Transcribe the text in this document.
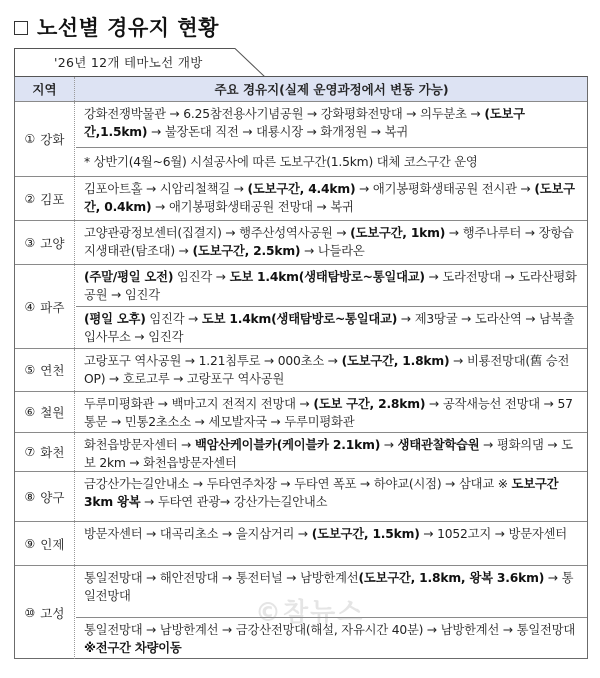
노선별 경유지 현황
'26년 12개 테마노선 개방
지역	주요 경유지(실제 운영과정에서 변동 가능)
① 강화
강화전쟁박물관 → 6.25참전용사기념공원 → 강화평화전망대 → 의두분초 → (도보구간,1.5km) → 불장돈대 직전 → 대룡시장 → 화개정원 → 복귀
* 상반기(4월~6월) 시설공사에 따른 도보구간(1.5km) 대체 코스구간 운영
② 김포
김포아트홀 → 시암리철책길 → (도보구간, 4.4km) → 애기봉평화생태공원 전시관 → (도보구간, 0.4km) → 애기봉평화생태공원 전망대 → 복귀
③ 고양
고양관광정보센터(집결지) → 행주산성역사공원 → (도보구간, 1km) → 행주나루터 → 장항습지생태관(탐조대) → (도보구간, 2.5km) → 나들라온
④ 파주
(주말/평일 오전) 임진각 → 도보 1.4km(생태탐방로~통일대교) → 도라전망대 → 도라산평화공원 → 임진각
(평일 오후) 임진각 → 도보 1.4km(생태탐방로~통일대교) → 제3땅굴 → 도라산역 → 남북출입사무소 → 임진각
⑤ 연천
고랑포구 역사공원 → 1.21침투로 → 000초소 → (도보구간, 1.8km) → 비룡전망대(舊 승전OP) → 호로고루 → 고랑포구 역사공원
⑥ 철원
두루미평화관 → 백마고지 전적지 전망대 → (도보 구간, 2.8km) → 공작새능선 전망대 → 57통문 → 민통2초소소 → 세모발자국 → 두루미평화관
⑦ 화천	화천읍방문자센터 → 백암산케이블카(케이블카 2.1km) → 생태관찰학습원 → 평화의댐 → 도보 2km → 화천읍방문자센터
⑧ 양구
금강산가는길안내소 → 두타연주차장 → 두타연 폭포 → 하야교(시점) → 삼대교 ※ 도보구간 3km 왕복 → 두타연 관광→ 강산가는길안내소
⑨ 인제
방문자센터 → 대곡리초소 → 을지삼거리 → (도보구간, 1.5km) → 1052고지 → 방문자센터
⑩ 고성
통일전망대 → 해안전망대 → 통전터널 → 남방한계선(도보구간, 1.8km, 왕복 3.6km) → 통일전망대
통일전망대 → 남방한계선 → 금강산전망대(해설, 자유시간 40분) → 남방한계선 → 통일전망대 ※전구간 차량이동
©참뉴스
